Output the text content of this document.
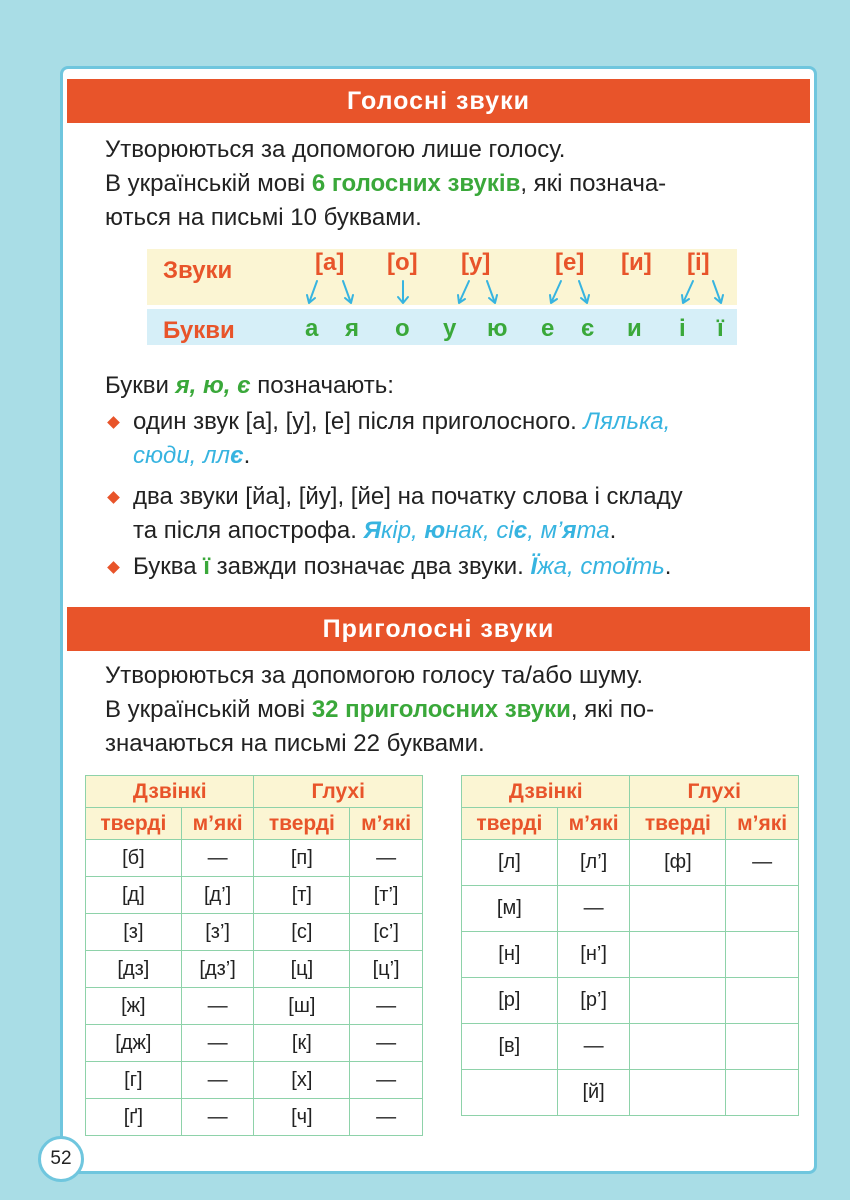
Голосні звуки
Утворюються за допомогою лише голосу.
В українській мові 6 голосних звуків, які познача-
ються на письмі 10 буквами.
Звуки
Букви
[а] [о] [у]	[е] [и] [і]
а я о у ю е є и і ї
Букви я, ю, є позначають:
один звук [а], [у], [е] після приголосного. Лялька,
сюди, ллє.
два звуки [йа], [йу], [йе] на початку слова і складу
та після апострофа. Якір, юнак, сіє, м’ята.
Буква ї завжди позначає два звуки. Їжа, стоїть.
Приголосні звуки
Утворюються за допомогою голосу та/або шуму.
В українській мові 32 приголосних звуки, які по-
значаються на письмі 22 буквами.
Дзвінкі		Глухі	
тверді	м’які	тверді	м’які
[б]	—	[п]	—
[д]	[д’]	[т]	[т’]
[з]	[з’]	[с]	[с’]
[дз]	[дз’]	[ц]	[ц’]
[ж]	—	[ш]	—
[дж]	—	[к]	—
[г]	—	[х]	—
[ґ]	—	[ч]	—
Дзвінкі		Глухі	
тверді	м’які	тверді	м’які
[л]	[л’]	[ф]	—
[м]	—		
[н]	[н’]		
[р]	[р’]		
[в]	—		
	[й]		
52
